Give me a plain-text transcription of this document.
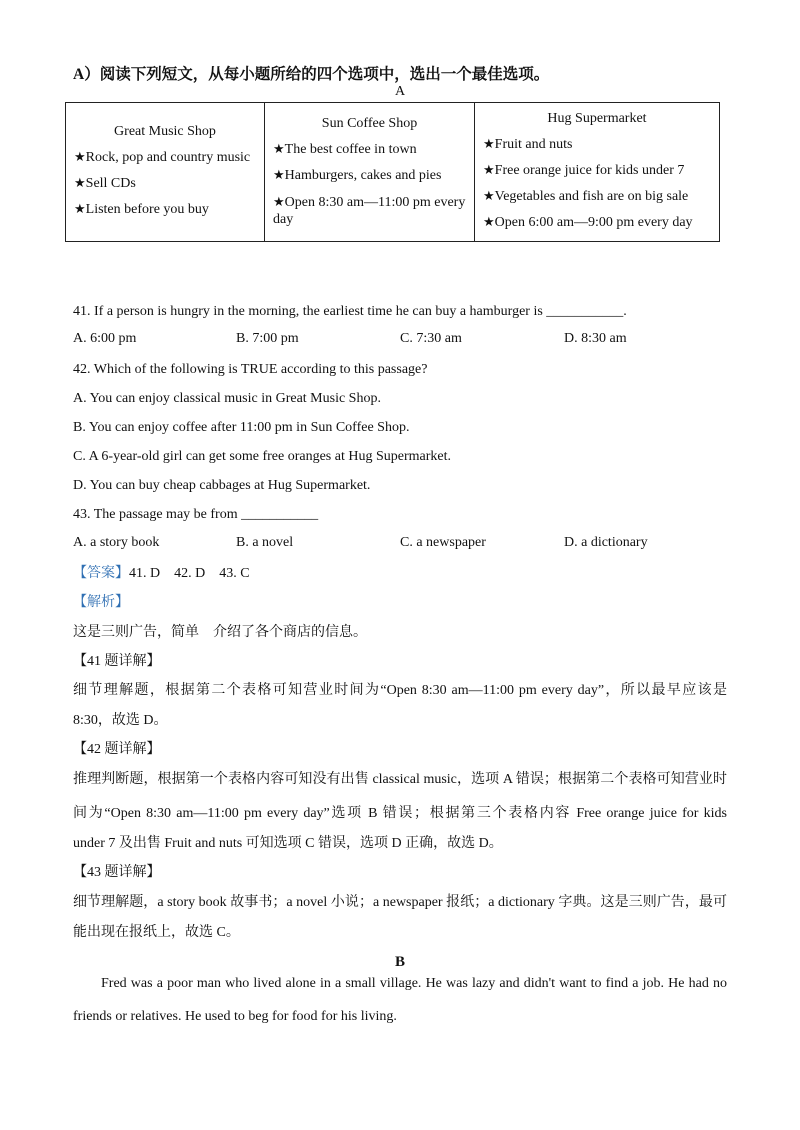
A）阅读下列短文，从每小题所给的四个选项中，选出一个最佳选项。
A
Great Music Shop
★Rock, pop and country music
★Sell CDs
★Listen before you buy

Sun Coffee Shop
★The best coffee in town
★Hamburgers, cakes and pies
★Open 8:30 am—11:00 pm every day

Hug Supermarket
★Fruit and nuts
★Free orange juice for kids under 7
★Vegetables and fish are on big sale
★Open 6:00 am—9:00 pm every day
41. If a person is hungry in the morning, the earliest time he can buy a hamburger is ___________.
A. 6:00 pm	B. 7:00 pm	C. 7:30 am	D. 8:30 am
42. Which of the following is TRUE according to this passage?
A. You can enjoy classical music in Great Music Shop.
B. You can enjoy coffee after 11:00 pm in Sun Coffee Shop.
C. A 6-year-old girl can get some free oranges at Hug Supermarket.
D. You can buy cheap cabbages at Hug Supermarket.
43. The passage may be from ___________
A. a story book	B. a novel	C. a newspaper	D. a dictionary
【答案】41. D    42. D    43. C
【解析】
这是三则广告，简单    介绍了各个商店的信息。
【41 题详解】
细节理解题，根据第二个表格可知营业时间为“Open 8:30 am—11:00 pm every day”，所以最早应该是
8:30，故选 D。
【42 题详解】
推理判断题，根据第一个表格内容可知没有出售 classical music，选项 A 错误；根据第二个表格可知营业时
间为“Open 8:30 am—11:00 pm every day”选项 B 错误；根据第三个表格内容 Free orange juice for kids
under 7 及出售 Fruit and nuts 可知选项 C 错误，选项 D 正确，故选 D。
【43 题详解】
细节理解题，a story book 故事书；a novel 小说；a newspaper 报纸；a dictionary 字典。这是三则广告，最可
能出现在报纸上，故选 C。
B
Fred was a poor man who lived alone in a small village. He was lazy and didn't want to find a job. He had no
friends or relatives. He used to beg for food for his living.
